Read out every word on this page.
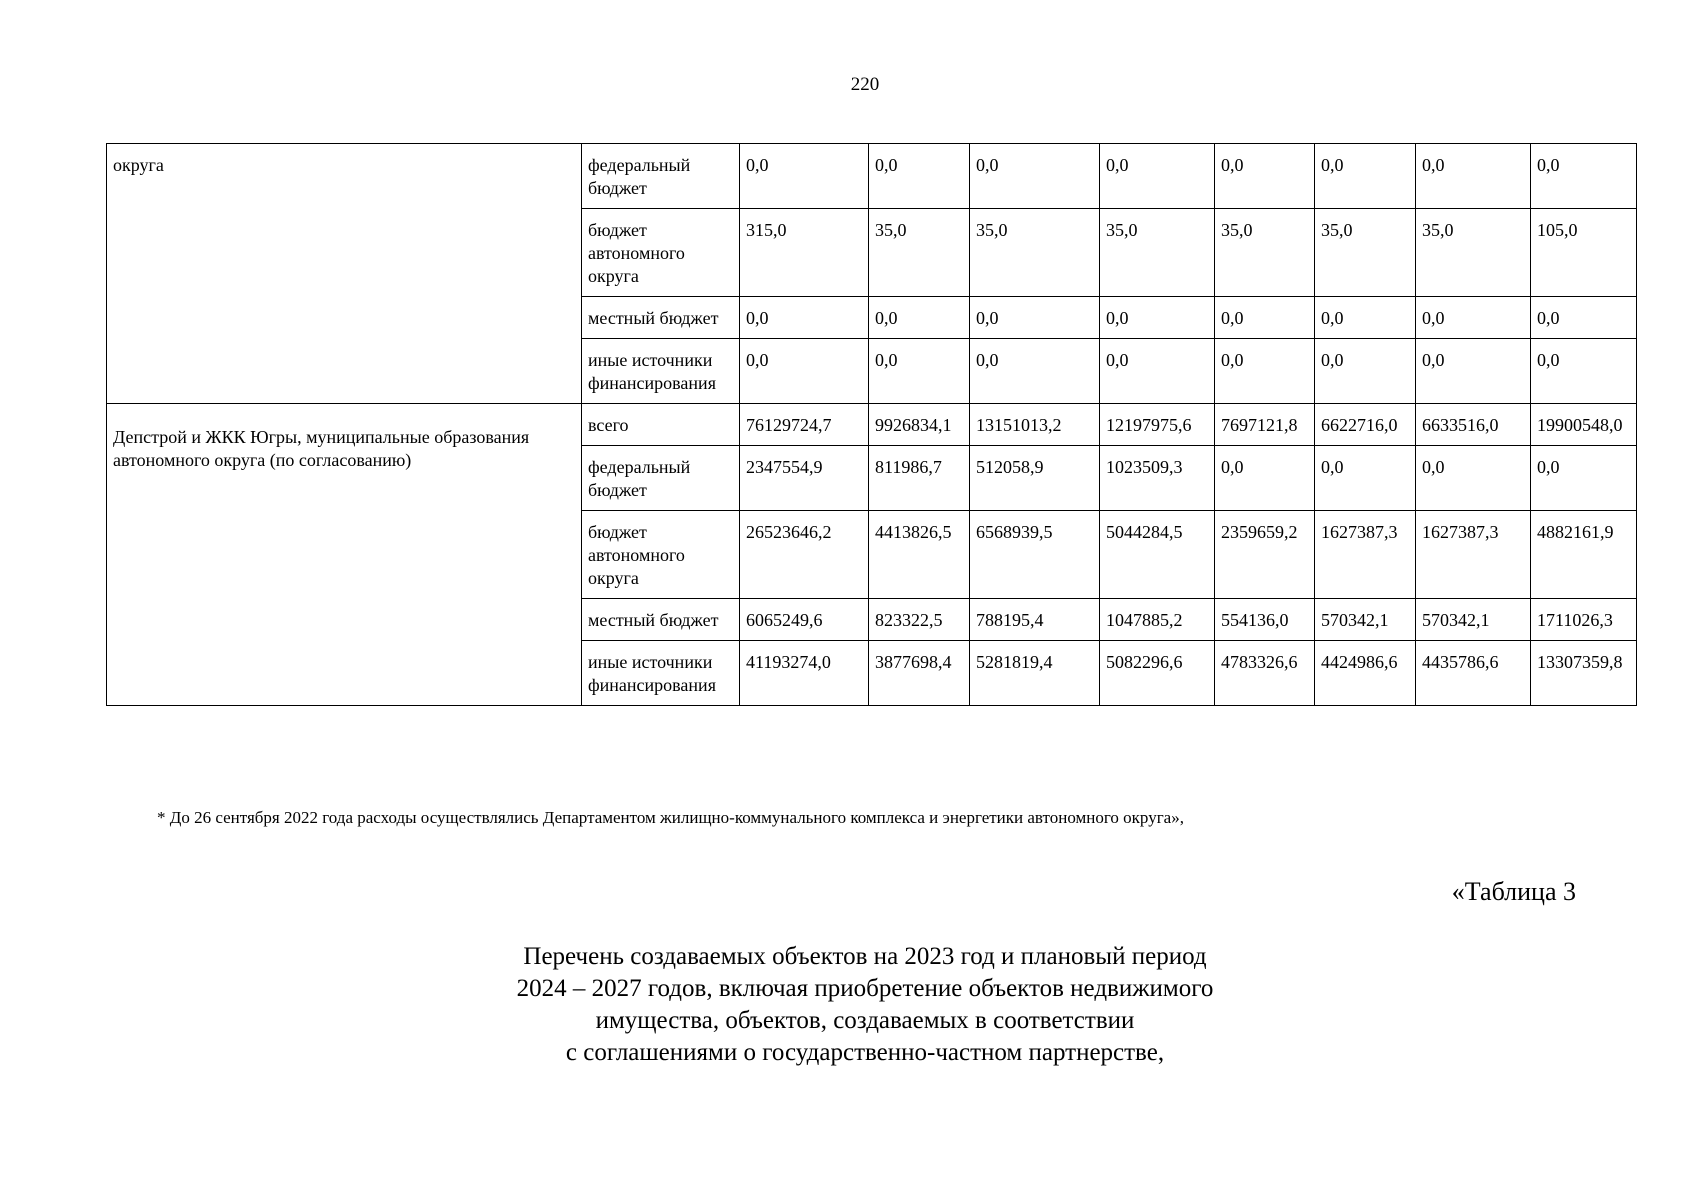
220
округа	федеральный бюджет	0,0	0,0	0,0	0,0	0,0	0,0	0,0	0,0
	бюджет автономного округа	315,0	35,0	35,0	35,0	35,0	35,0	35,0	105,0
	местный бюджет	0,0	0,0	0,0	0,0	0,0	0,0	0,0	0,0
	иные источники финансирования	0,0	0,0	0,0	0,0	0,0	0,0	0,0	0,0
Депстрой и ЖКК Югры, муниципальные образования автономного округа (по согласованию)	всего	76129724,7	9926834,1	13151013,2	12197975,6	7697121,8	6622716,0	6633516,0	19900548,0
	федеральный бюджет	2347554,9	811986,7	512058,9	1023509,3	0,0	0,0	0,0	0,0
	бюджет автономного округа	26523646,2	4413826,5	6568939,5	5044284,5	2359659,2	1627387,3	1627387,3	4882161,9
	местный бюджет	6065249,6	823322,5	788195,4	1047885,2	554136,0	570342,1	570342,1	1711026,3
	иные источники финансирования	41193274,0	3877698,4	5281819,4	5082296,6	4783326,6	4424986,6	4435786,6	13307359,8
* До 26 сентября 2022 года расходы осуществлялись Департаментом жилищно-коммунального комплекса и энергетики автономного округа»,
«Таблица 3
Перечень создаваемых объектов на 2023 год и плановый период
2024 – 2027 годов, включая приобретение объектов недвижимого
имущества, объектов, создаваемых в соответствии
с соглашениями о государственно-частном партнерстве,
